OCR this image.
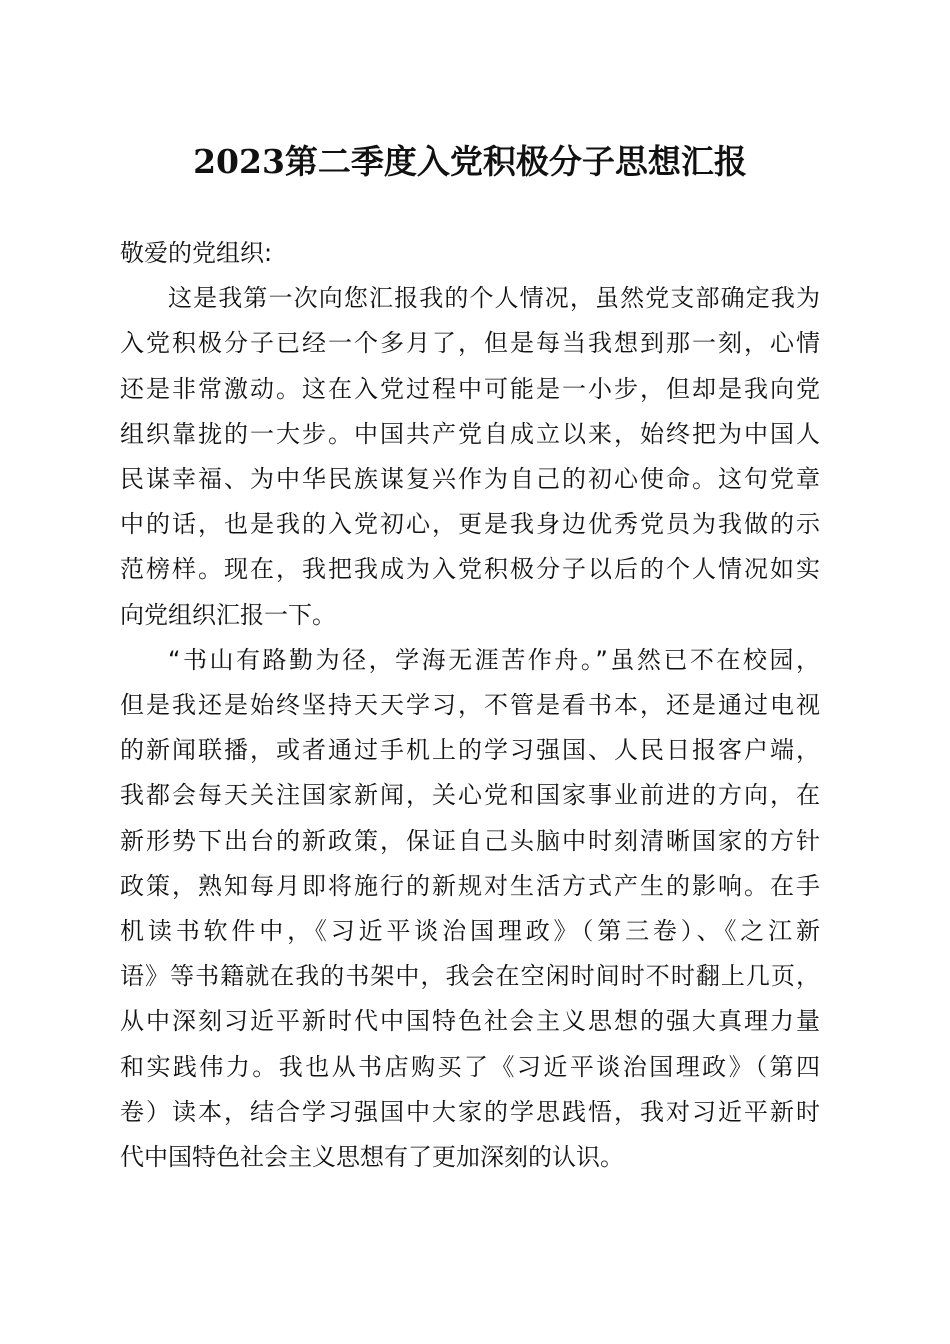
2023第二季度入党积极分子思想汇报

敬爱的党组织:

这是我第一次向您汇报我的个人情况，虽然党支部确定我为
入党积极分子已经一个多月了，但是每当我想到那一刻，心情
还是非常激动。这在入党过程中可能是一小步，但却是我向党
组织靠拢的一大步。中国共产党自成立以来，始终把为中国人
民谋幸福、为中华民族谋复兴作为自己的初心使命。这句党章
中的话，也是我的入党初心，更是我身边优秀党员为我做的示
范榜样。现在，我把我成为入党积极分子以后的个人情况如实
向党组织汇报一下。

“书山有路勤为径，学海无涯苦作舟。”虽然已不在校园，
但是我还是始终坚持天天学习，不管是看书本，还是通过电视
的新闻联播，或者通过手机上的学习强国、人民日报客户端，
我都会每天关注国家新闻，关心党和国家事业前进的方向，在
新形势下出台的新政策，保证自己头脑中时刻清晰国家的方针
政策，熟知每月即将施行的新规对生活方式产生的影响。在手
机读书软件中，《习近平谈治国理政》（第三卷）、《之江新
语》等书籍就在我的书架中，我会在空闲时间时不时翻上几页，
从中深刻习近平新时代中国特色社会主义思想的强大真理力量
和实践伟力。我也从书店购买了《习近平谈治国理政》（第四
卷）读本，结合学习强国中大家的学思践悟，我对习近平新时
代中国特色社会主义思想有了更加深刻的认识。
